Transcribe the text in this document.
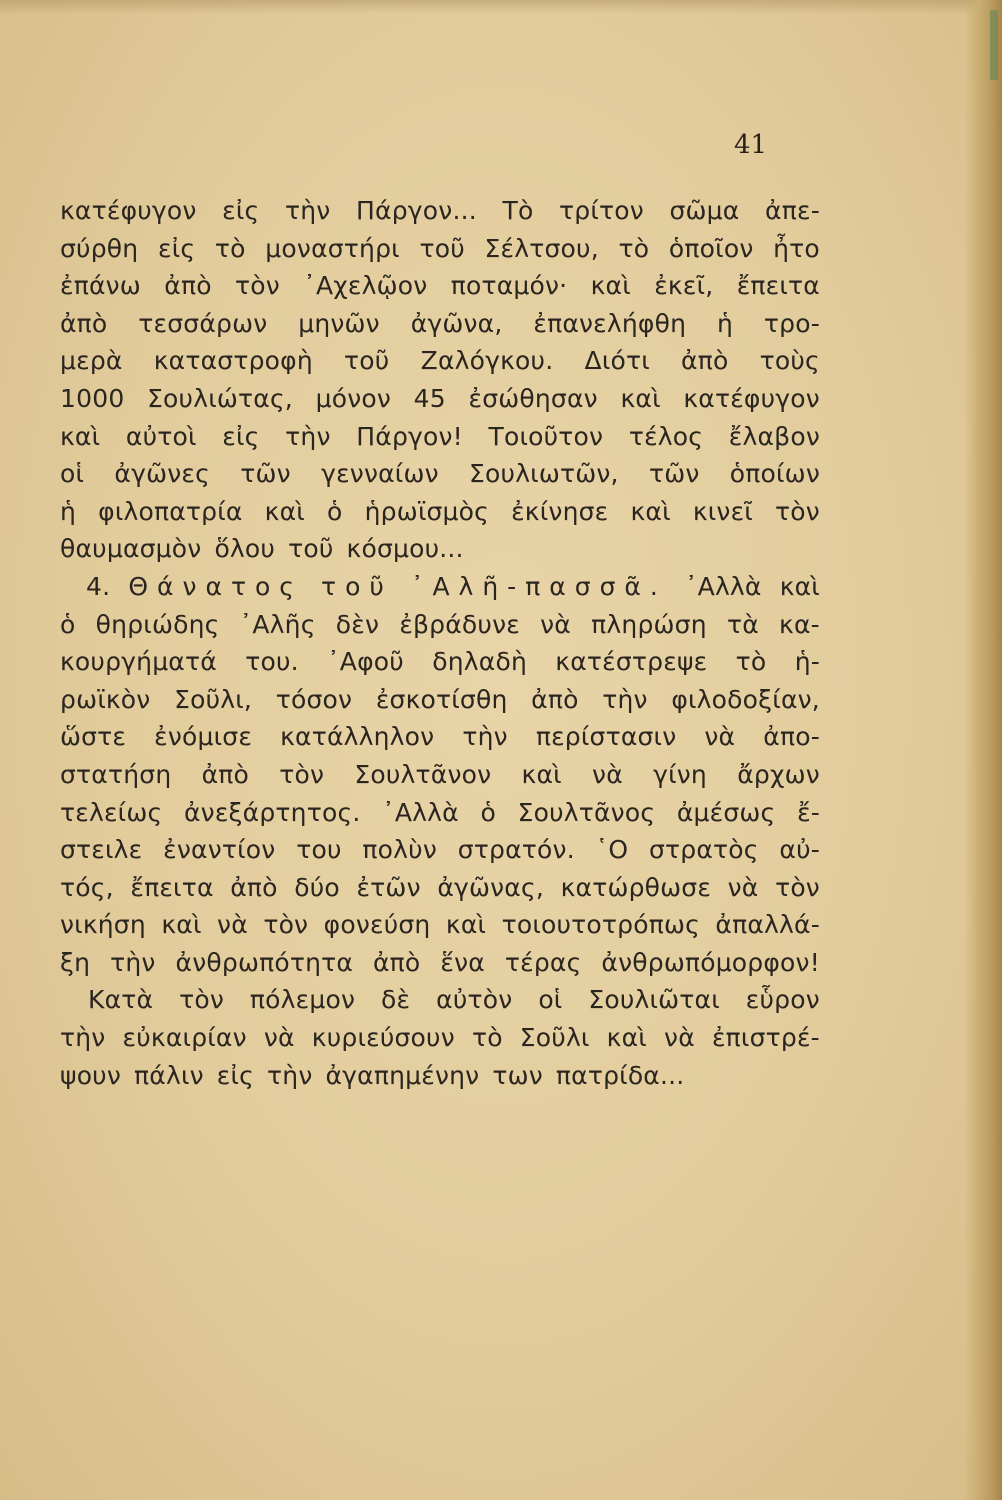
41
κατέφυγον εἰς τὴν Πάργον... Τὸ τρίτον σῶμα ἀπε-
σύρθη εἰς τὸ μοναστήρι τοῦ Σέλτσου, τὸ ὁποῖον ἦτο
ἐπάνω ἀπὸ τὸν ᾿Αχελῷον ποταμόν· καὶ ἐκεῖ, ἔπειτα
ἀπὸ τεσσάρων μηνῶν ἀγῶνα, ἐπανελήφθη ἡ τρο-
μερὰ καταστροφὴ τοῦ Ζαλόγκου. Διότι ἀπὸ τοὺς
1000 Σουλιώτας, μόνον 45 ἐσώθησαν καὶ κατέφυγον
καὶ αὐτοὶ εἰς τὴν Πάργον! Τοιοῦτον τέλος ἔλαβον
οἱ ἀγῶνες τῶν γενναίων Σουλιωτῶν, τῶν ὁποίων
ἡ φιλοπατρία καὶ ὁ ἡρωϊσμὸς ἐκίνησε καὶ κινεῖ τὸν
θαυμασμὸν ὅλου τοῦ κόσμου...
4. Θάνατος τοῦ ᾿Αλῆ-πασσᾶ. ᾿Αλλὰ καὶ
ὁ θηριώδης ᾿Αλῆς δὲν ἐβράδυνε νὰ πληρώση τὰ κα-
κουργήματά του. ᾿Αφοῦ δηλαδὴ κατέστρεψε τὸ ἡ-
ρωϊκὸν Σοῦλι, τόσον ἐσκοτίσθη ἀπὸ τὴν φιλοδοξίαν,
ὥστε ἐνόμισε κατάλληλον τὴν περίστασιν νὰ ἀπο-
στατήση ἀπὸ τὸν Σουλτᾶνον καὶ νὰ γίνη ἄρχων
τελείως ἀνεξάρτητος. ᾿Αλλὰ ὁ Σουλτᾶνος ἀμέσως ἔ-
στειλε ἐναντίον του πολὺν στρατόν. ῾Ο στρατὸς αὐ-
τός, ἔπειτα ἀπὸ δύο ἐτῶν ἀγῶνας, κατώρθωσε νὰ τὸν
νικήση καὶ νὰ τὸν φονεύση καὶ τοιουτοτρόπως ἀπαλλά-
ξη τὴν ἀνθρωπότητα ἀπὸ ἕνα τέρας ἀνθρωπόμορφον!
Κατὰ τὸν πόλεμον δὲ αὐτὸν οἱ Σουλιῶται εὗρον
τὴν εὐκαιρίαν νὰ κυριεύσουν τὸ Σοῦλι καὶ νὰ ἐπιστρέ-
ψουν πάλιν εἰς τὴν ἀγαπημένην των πατρίδα...
